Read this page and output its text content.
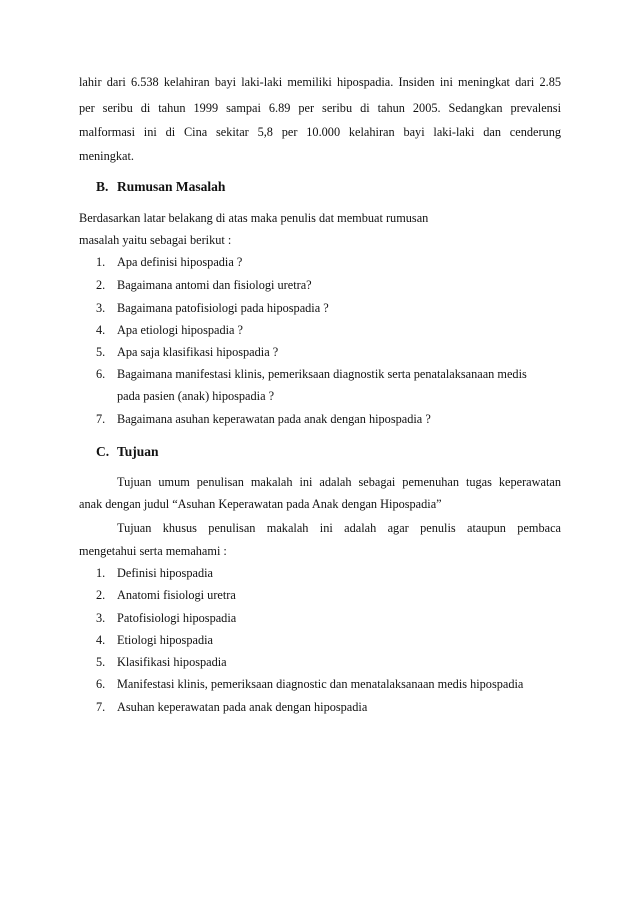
lahir dari 6.538 kelahiran bayi laki-laki memiliki hipospadia. Insiden ini meningkat dari 2.85
per seribu di tahun 1999 sampai 6.89 per seribu di tahun 2005. Sedangkan prevalensi
malformasi ini di Cina sekitar 5,8 per 10.000 kelahiran bayi laki-laki dan cenderung
meningkat.
B. Rumusan Masalah
Berdasarkan latar belakang di atas maka penulis dat membuat rumusan
masalah yaitu sebagai berikut :
1. Apa definisi hipospadia ?
2. Bagaimana antomi dan fisiologi uretra?
3. Bagaimana patofisiologi pada hipospadia ?
4. Apa etiologi hipospadia ?
5. Apa saja klasifikasi hipospadia ?
6. Bagaimana manifestasi klinis, pemeriksaan diagnostik serta penatalaksanaan medis
pada pasien (anak) hipospadia ?
7. Bagaimana asuhan keperawatan pada anak dengan hipospadia ?
C. Tujuan
Tujuan umum penulisan makalah ini adalah sebagai pemenuhan tugas keperawatan
anak dengan judul “Asuhan Keperawatan pada Anak dengan Hipospadia”
Tujuan khusus penulisan makalah ini adalah agar penulis ataupun pembaca
mengetahui serta memahami :
1. Definisi hipospadia
2. Anatomi fisiologi uretra
3. Patofisiologi hipospadia
4. Etiologi hipospadia
5. Klasifikasi hipospadia
6. Manifestasi klinis, pemeriksaan diagnostic dan menatalaksanaan medis hipospadia
7. Asuhan keperawatan pada anak dengan hipospadia
